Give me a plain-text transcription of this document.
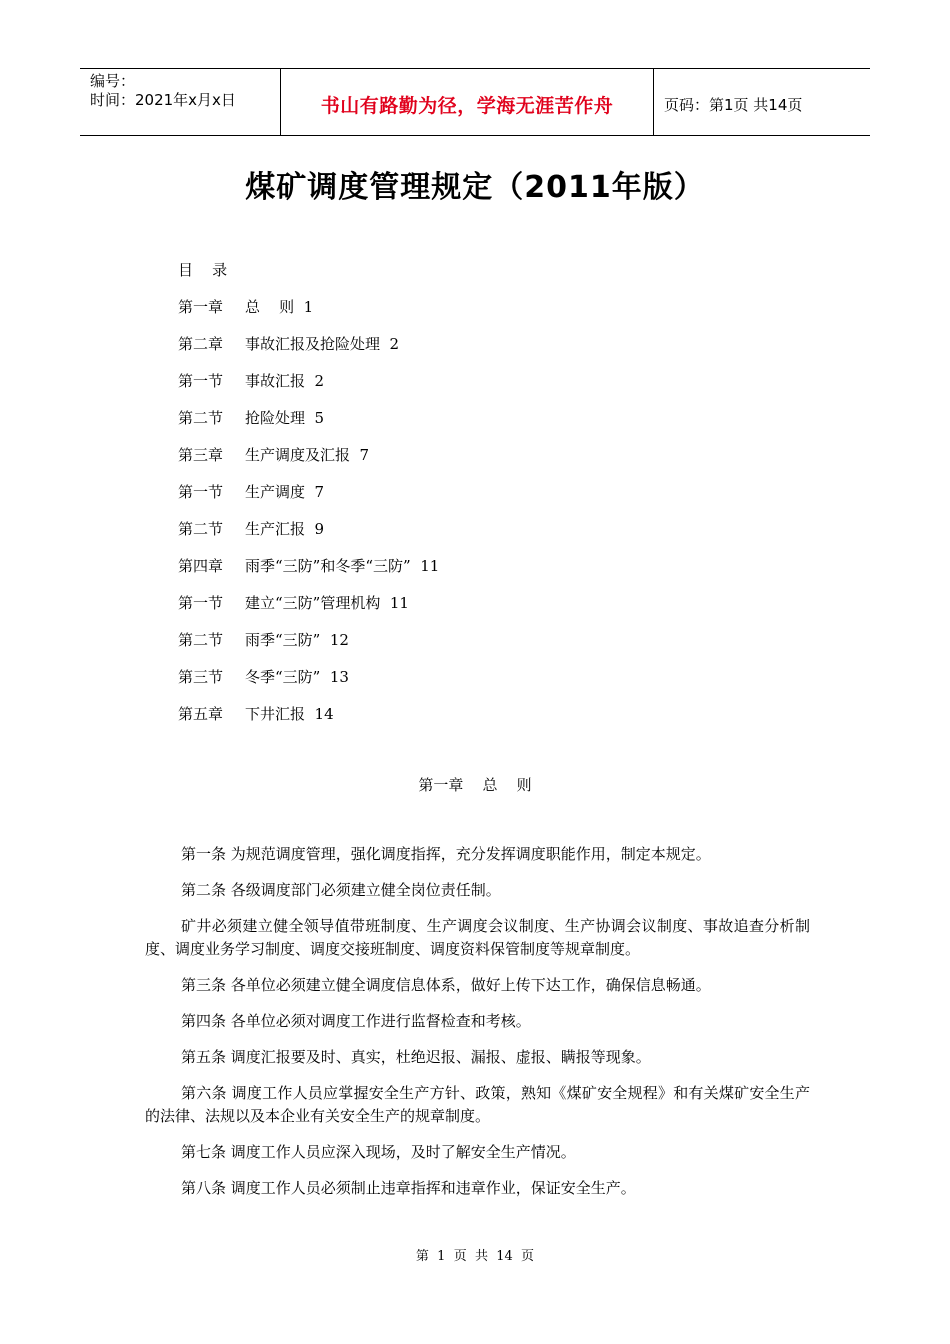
编号：
时间：2021年x月x日	书山有路勤为径，学海无涯苦作舟	页码：第1页 共14页
煤矿调度管理规定（2011年版）
目    录
第一章 总    则  1
第二章 事故汇报及抢险处理  2
第一节 事故汇报  2
第二节 抢险处理  5
第三章 生产调度及汇报  7
第一节 生产调度  7
第二节 生产汇报  9
第四章 雨季“三防”和冬季“三防”  11
第一节 建立“三防”管理机构  11
第二节 雨季“三防”  12
第三节 冬季“三防”  13
第五章 下井汇报  14
第一章    总    则
第一条 为规范调度管理，强化调度指挥，充分发挥调度职能作用，制定本规定。
第二条 各级调度部门必须建立健全岗位责任制。
矿井必须建立健全领导值带班制度、生产调度会议制度、生产协调会议制度、事故追查分析制度、调度业务学习制度、调度交接班制度、调度资料保管制度等规章制度。
第三条 各单位必须建立健全调度信息体系，做好上传下达工作，确保信息畅通。
第四条 各单位必须对调度工作进行监督检查和考核。
第五条 调度汇报要及时、真实，杜绝迟报、漏报、虚报、瞒报等现象。
第六条 调度工作人员应掌握安全生产方针、政策，熟知《煤矿安全规程》和有关煤矿安全生产的法律、法规以及本企业有关安全生产的规章制度。
第七条 调度工作人员应深入现场，及时了解安全生产情况。
第八条 调度工作人员必须制止违章指挥和违章作业，保证安全生产。
第  1  页  共  14  页
